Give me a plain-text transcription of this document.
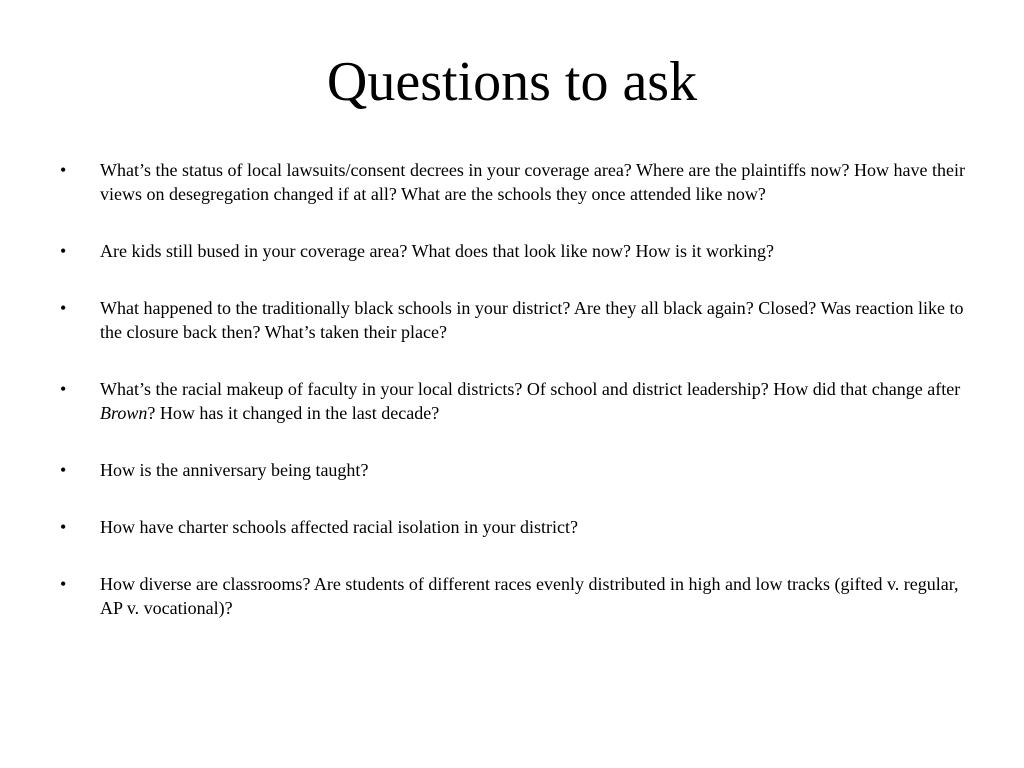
Questions to ask
•	What’s the status of local lawsuits/consent decrees in your coverage area? Where are the plaintiffs now? How have their views on desegregation changed if at all? What are the schools they once attended like now?
•	Are kids still bused in your coverage area? What does that look like now? How is it working?
•	What happened to the traditionally black schools in your district? Are they all black again? Closed? Was reaction like to the closure back then? What’s taken their place?
•	What’s the racial makeup of faculty in your local districts? Of school and district leadership? How did that change after Brown? How has it changed in the last decade?
•	How is the anniversary being taught?
•	How have charter schools affected racial isolation in your district?
•	How diverse are classrooms? Are students of different races evenly distributed in high and low tracks (gifted v. regular, AP v. vocational)?
